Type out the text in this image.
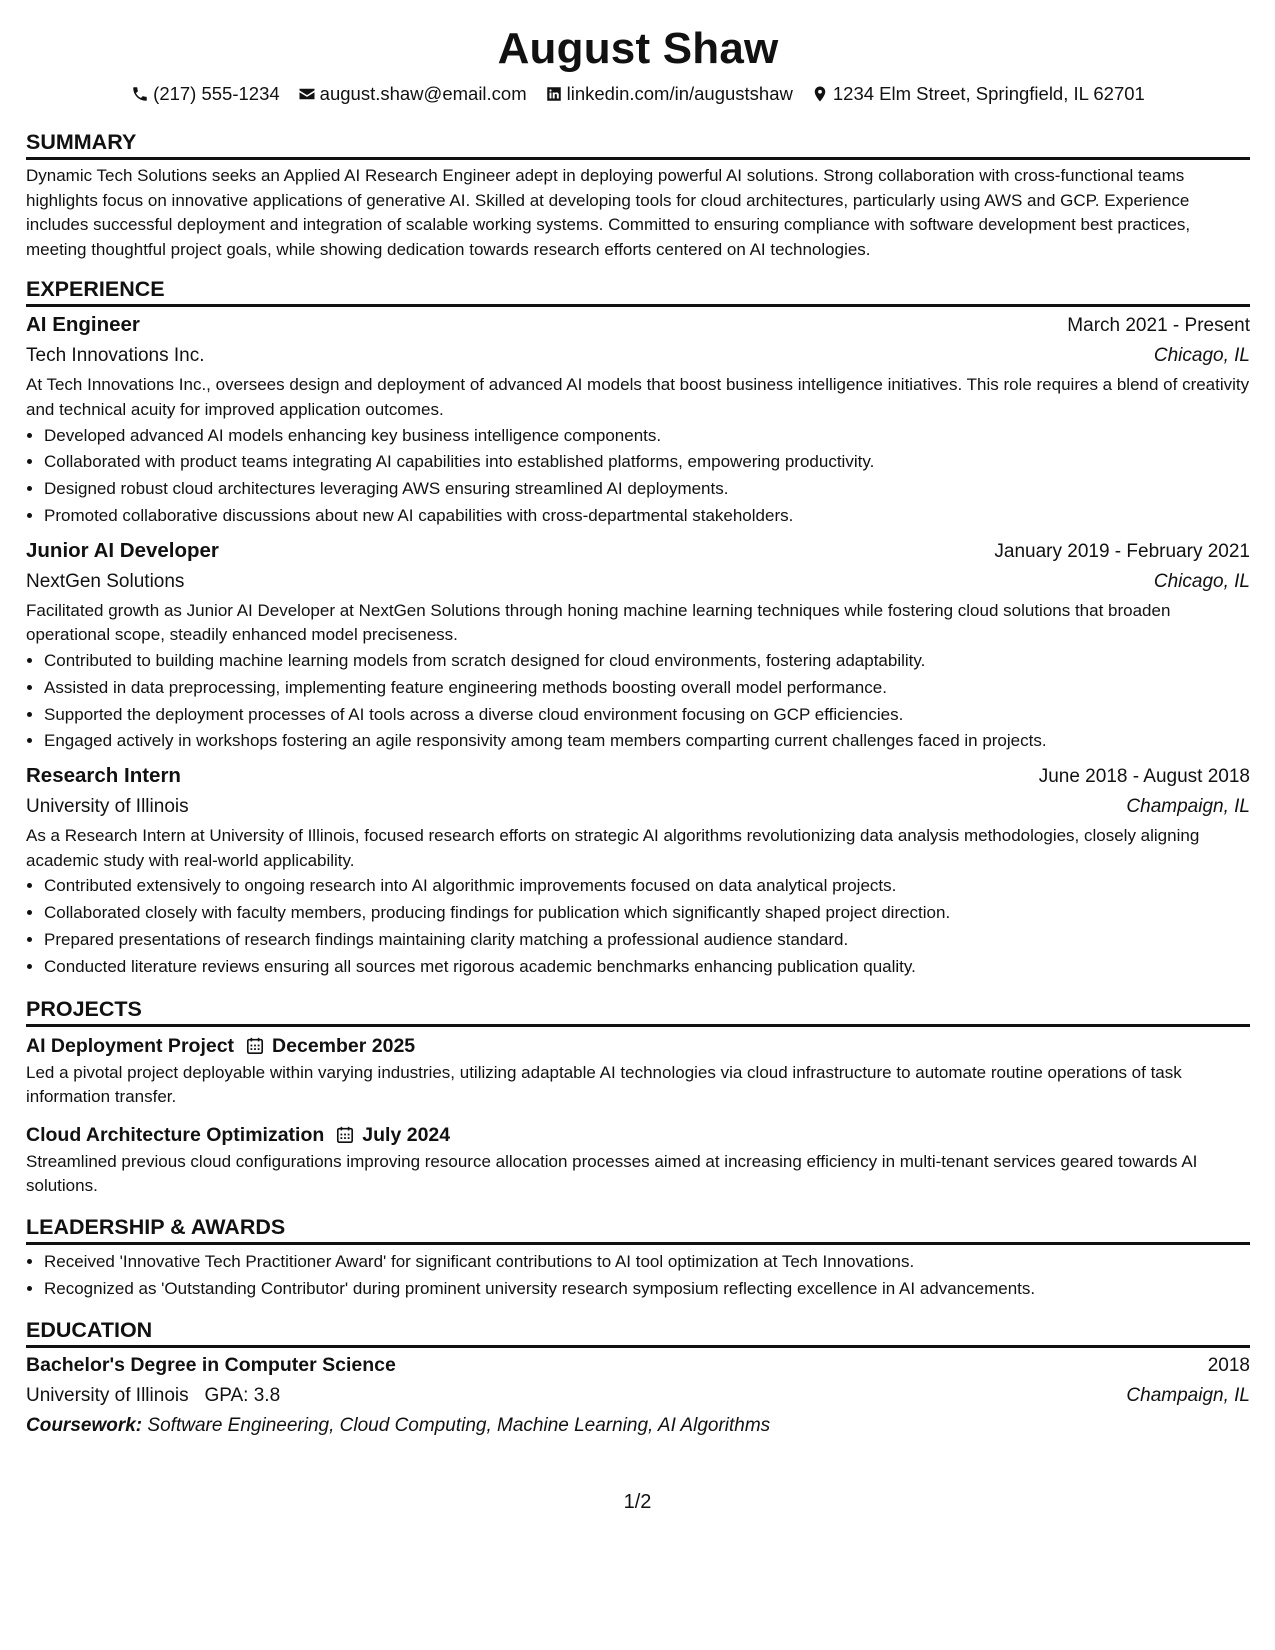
August Shaw
(217) 555-1234 august.shaw@email.com linkedin.com/in/augustshaw 1234 Elm Street, Springfield, IL 62701
SUMMARY

Dynamic Tech Solutions seeks an Applied AI Research Engineer adept in deploying powerful AI solutions. Strong collaboration with cross-functional teams highlights focus on innovative applications of generative AI. Skilled at developing tools for cloud architectures, particularly using AWS and GCP. Experience includes successful deployment and integration of scalable working systems. Committed to ensuring compliance with software development best practices, meeting thoughtful project goals, while showing dedication towards research efforts centered on AI technologies.

EXPERIENCE
AI Engineer	March 2021 - Present
Tech Innovations Inc.	Chicago, IL

At Tech Innovations Inc., oversees design and deployment of advanced AI models that boost business intelligence initiatives. This role requires a blend of creativity and technical acuity for improved application outcomes.

• Developed advanced AI models enhancing key business intelligence components.
• Collaborated with product teams integrating AI capabilities into established platforms, empowering productivity.
• Designed robust cloud architectures leveraging AWS ensuring streamlined AI deployments.
• Promoted collaborative discussions about new AI capabilities with cross-departmental stakeholders.
Junior AI Developer	January 2019 - February 2021
NextGen Solutions	Chicago, IL

Facilitated growth as Junior AI Developer at NextGen Solutions through honing machine learning techniques while fostering cloud solutions that broaden operational scope, steadily enhanced model preciseness.

• Contributed to building machine learning models from scratch designed for cloud environments, fostering adaptability.
• Assisted in data preprocessing, implementing feature engineering methods boosting overall model performance.
• Supported the deployment processes of AI tools across a diverse cloud environment focusing on GCP efficiencies.
• Engaged actively in workshops fostering an agile responsivity among team members comparting current challenges faced in projects.
Research Intern	June 2018 - August 2018
University of Illinois	Champaign, IL

As a Research Intern at University of Illinois, focused research efforts on strategic AI algorithms revolutionizing data analysis methodologies, closely aligning academic study with real-world applicability.

• Contributed extensively to ongoing research into AI algorithmic improvements focused on data analytical projects.
• Collaborated closely with faculty members, producing findings for publication which significantly shaped project direction.
• Prepared presentations of research findings maintaining clarity matching a professional audience standard.
• Conducted literature reviews ensuring all sources met rigorous academic benchmarks enhancing publication quality.
PROJECTS
AI Deployment Project December 2025

Led a pivotal project deployable within varying industries, utilizing adaptable AI technologies via cloud infrastructure to automate routine operations of task information transfer.

Cloud Architecture Optimization July 2024

Streamlined previous cloud configurations improving resource allocation processes aimed at increasing efficiency in multi-tenant services geared towards AI solutions.

LEADERSHIP & AWARDS
• Received 'Innovative Tech Practitioner Award' for significant contributions to AI tool optimization at Tech Innovations.
• Recognized as 'Outstanding Contributor' during prominent university research symposium reflecting excellence in AI advancements.
EDUCATION
Bachelor's Degree in Computer Science	2018
University of Illinois GPA: 3.8	Champaign, IL
Coursework: Software Engineering, Cloud Computing, Machine Learning, AI Algorithms
1/2
